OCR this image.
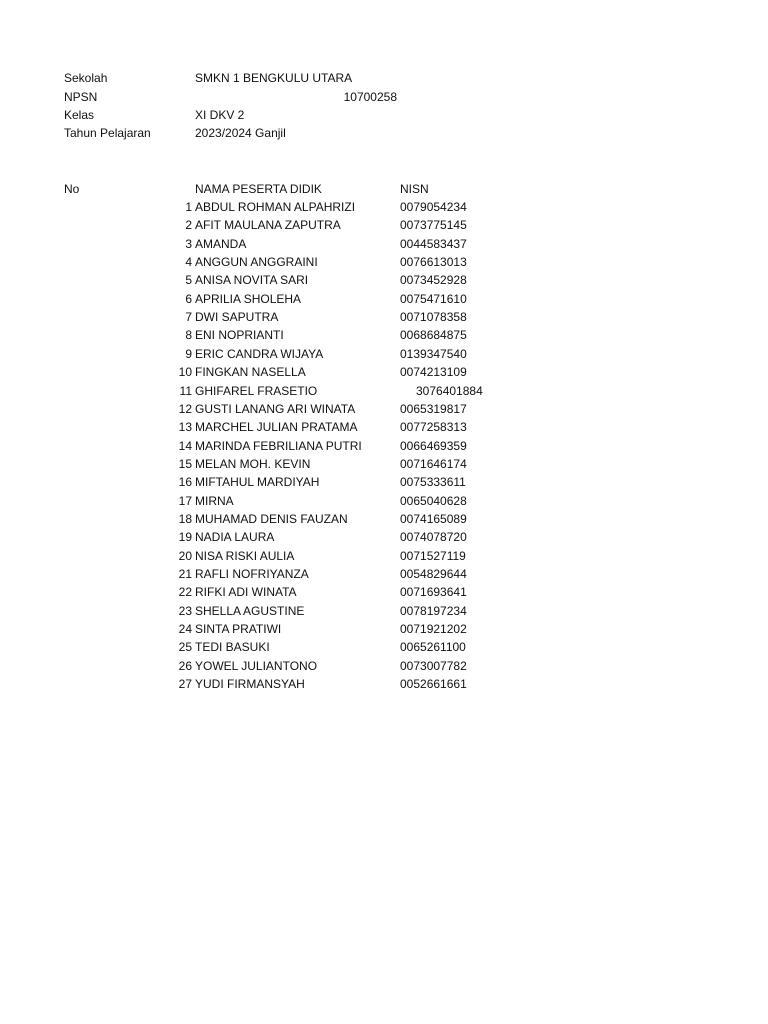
Sekolah	SMKN 1 BENGKULU UTARA
NPSN	10700258
Kelas	XI DKV 2
Tahun Pelajaran	2023/2024 Ganjil
No	NAMA PESERTA DIDIK	NISN
1 ABDUL ROHMAN ALPAHRIZI	0079054234
2 AFIT MAULANA ZAPUTRA	0073775145
3 AMANDA	0044583437
4 ANGGUN ANGGRAINI	0076613013
5 ANISA NOVITA SARI	0073452928
6 APRILIA SHOLEHA	0075471610
7 DWI SAPUTRA	0071078358
8 ENI NOPRIANTI	0068684875
9 ERIC CANDRA WIJAYA	0139347540
10 FINGKAN NASELLA	0074213109
11 GHIFAREL FRASETIO	3076401884
12 GUSTI LANANG ARI WINATA	0065319817
13 MARCHEL JULIAN PRATAMA	0077258313
14 MARINDA FEBRILIANA PUTRI	0066469359
15 MELAN MOH. KEVIN	0071646174
16 MIFTAHUL MARDIYAH	0075333611
17 MIRNA	0065040628
18 MUHAMAD DENIS FAUZAN	0074165089
19 NADIA LAURA	0074078720
20 NISA RISKI AULIA	0071527119
21 RAFLI NOFRIYANZA	0054829644
22 RIFKI ADI WINATA	0071693641
23 SHELLA AGUSTINE	0078197234
24 SINTA PRATIWI	0071921202
25 TEDI BASUKI	0065261100
26 YOWEL JULIANTONO	0073007782
27 YUDI FIRMANSYAH	0052661661
